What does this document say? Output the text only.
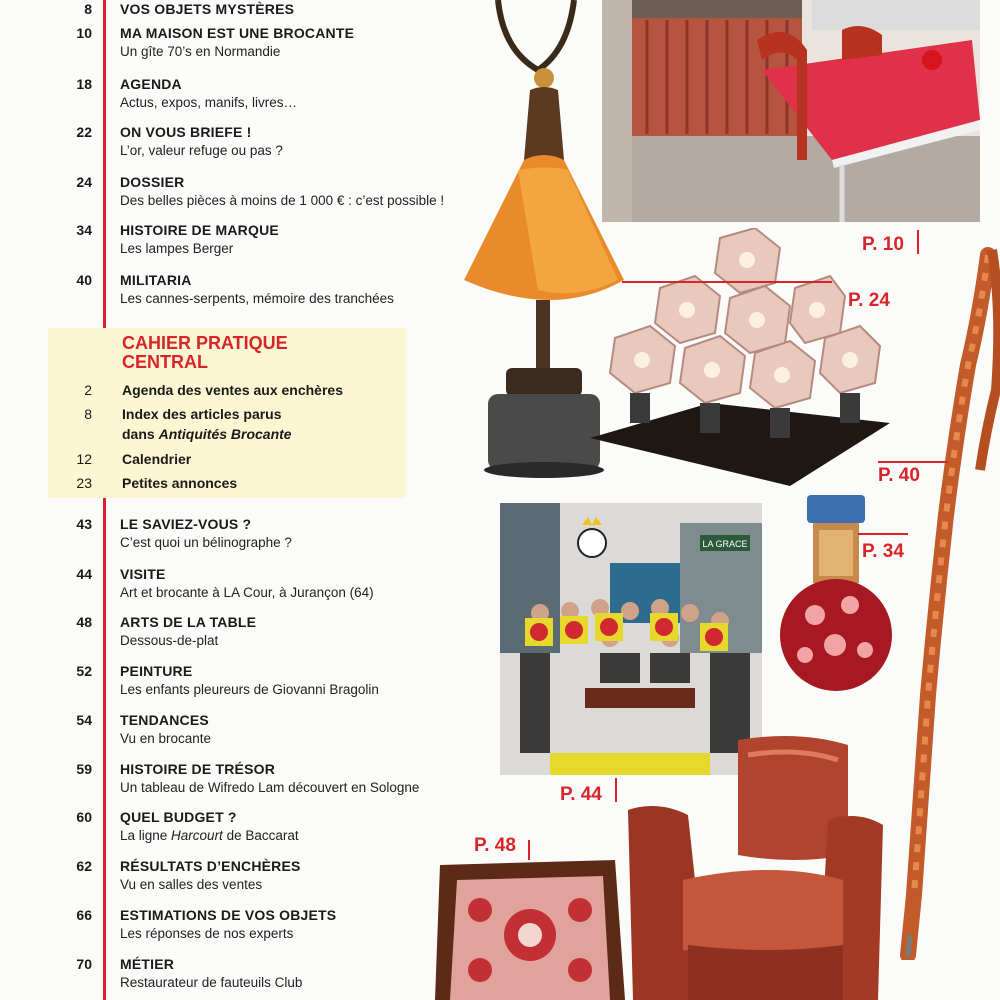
8 VOS OBJETS MYSTÈRES
10 MA MAISON EST UNE BROCANTE
Un gîte 70’s en Normandie
18 AGENDA
Actus, expos, manifs, livres…
22 ON VOUS BRIEFE !
L’or, valeur refuge ou pas ?
24 DOSSIER
Des belles pièces à moins de 1 000 € : c’est possible !
34 HISTOIRE DE MARQUE
Les lampes Berger
40 MILITARIA
Les cannes-serpents, mémoire des tranchées
43 LE SAVIEZ-VOUS ?
C’est quoi un bélinographe ?
44 VISITE
Art et brocante à LA Cour, à Jurançon (64)
48 ARTS DE LA TABLE
Dessous-de-plat
52 PEINTURE
Les enfants pleureurs de Giovanni Bragolin
54 TENDANCES
Vu en brocante
59 HISTOIRE DE TRÉSOR
Un tableau de Wifredo Lam découvert en Sologne
60 QUEL BUDGET ?
La ligne Harcourt de Baccarat
62 RÉSULTATS D’ENCHÈRES
Vu en salles des ventes
66 ESTIMATIONS DE VOS OBJETS
Les réponses de nos experts
70 MÉTIER
Restaurateur de fauteuils Club
CAHIER PRATIQUE
CENTRAL
2 Agenda des ventes aux enchères
8 Index des articles parus
dans Antiquités Brocante
12 Calendrier
23 Petites annonces
P. 10
P. 24
P. 40
LA GRACE
P. 44
P. 34
P. 48
